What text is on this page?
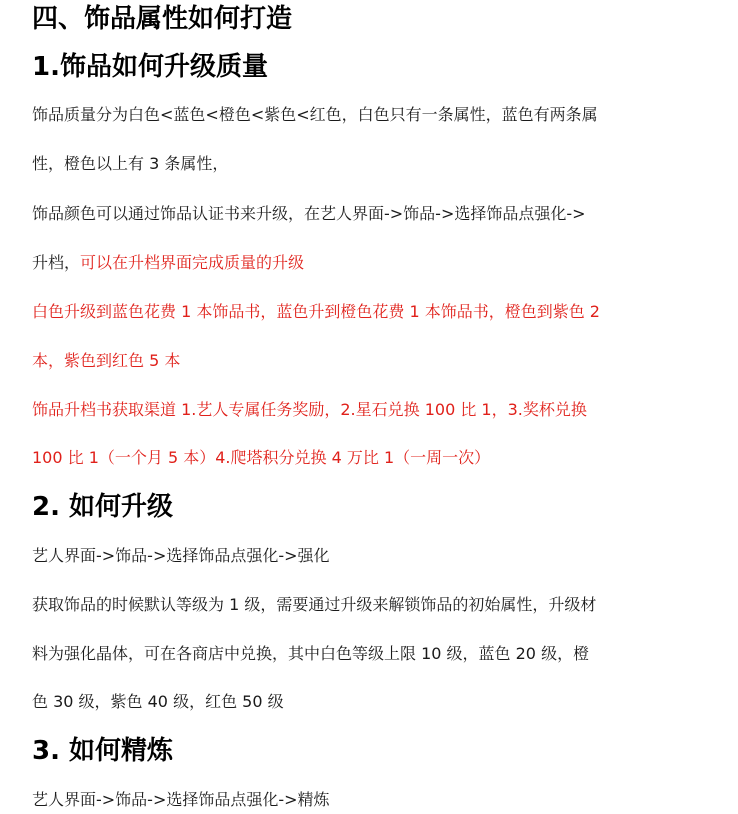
四、饰品属性如何打造
1.饰品如何升级质量
饰品质量分为白色<蓝色<橙色<紫色<红色，白色只有一条属性，蓝色有两条属
性，橙色以上有 3 条属性，
饰品颜色可以通过饰品认证书来升级，在艺人界面->饰品->选择饰品点强化->
升档，可以在升档界面完成质量的升级
白色升级到蓝色花费 1 本饰品书，蓝色升到橙色花费 1 本饰品书，橙色到紫色 2
本，紫色到红色 5 本
饰品升档书获取渠道 1.艺人专属任务奖励，2.星石兑换 100 比 1，3.奖杯兑换
100 比 1（一个月 5 本）4.爬塔积分兑换 4 万比 1（一周一次）
2. 如何升级
艺人界面->饰品->选择饰品点强化->强化
获取饰品的时候默认等级为 1 级，需要通过升级来解锁饰品的初始属性，升级材
料为强化晶体，可在各商店中兑换，其中白色等级上限 10 级，蓝色 20 级，橙
色 30 级，紫色 40 级，红色 50 级
3. 如何精炼
艺人界面->饰品->选择饰品点强化->精炼
